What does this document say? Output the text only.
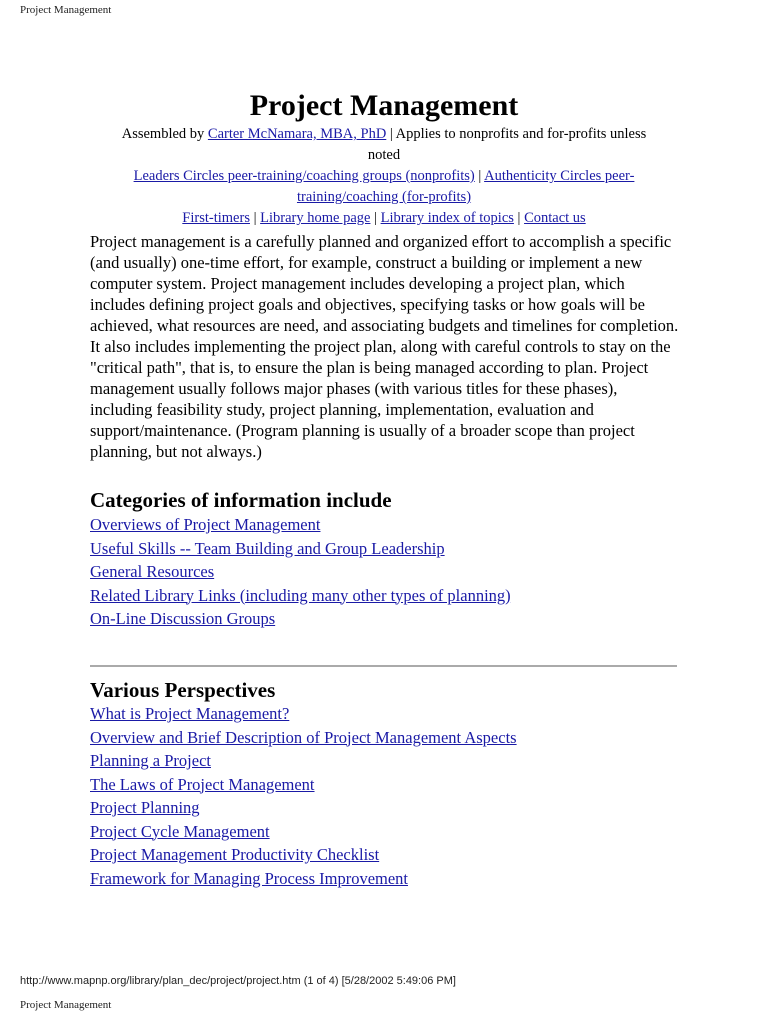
Project Management
Project Management
Assembled by Carter McNamara, MBA, PhD | Applies to nonprofits and for-profits unless noted
Leaders Circles peer-training/coaching groups (nonprofits) | Authenticity Circles peer-training/coaching (for-profits)
First-timers | Library home page | Library index of topics | Contact us

Project management is a carefully planned and organized effort to accomplish a specific (and usually) one-time effort, for example, construct a building or implement a new computer system. Project management includes developing a project plan, which includes defining project goals and objectives, specifying tasks or how goals will be achieved, what resources are need, and associating budgets and timelines for completion. It also includes implementing the project plan, along with careful controls to stay on the "critical path", that is, to ensure the plan is being managed according to plan. Project management usually follows major phases (with various titles for these phases), including feasibility study, project planning, implementation, evaluation and support/maintenance. (Program planning is usually of a broader scope than project planning, but not always.)

Categories of information include
Overviews of Project Management
Useful Skills -- Team Building and Group Leadership
General Resources
Related Library Links (including many other types of planning)
On-Line Discussion Groups
Various Perspectives
What is Project Management?
Overview and Brief Description of Project Management Aspects
Planning a Project
The Laws of Project Management
Project Planning
Project Cycle Management
Project Management Productivity Checklist
Framework for Managing Process Improvement
http://www.mapnp.org/library/plan_dec/project/project.htm (1 of 4) [5/28/2002 5:49:06 PM]
Project Management
